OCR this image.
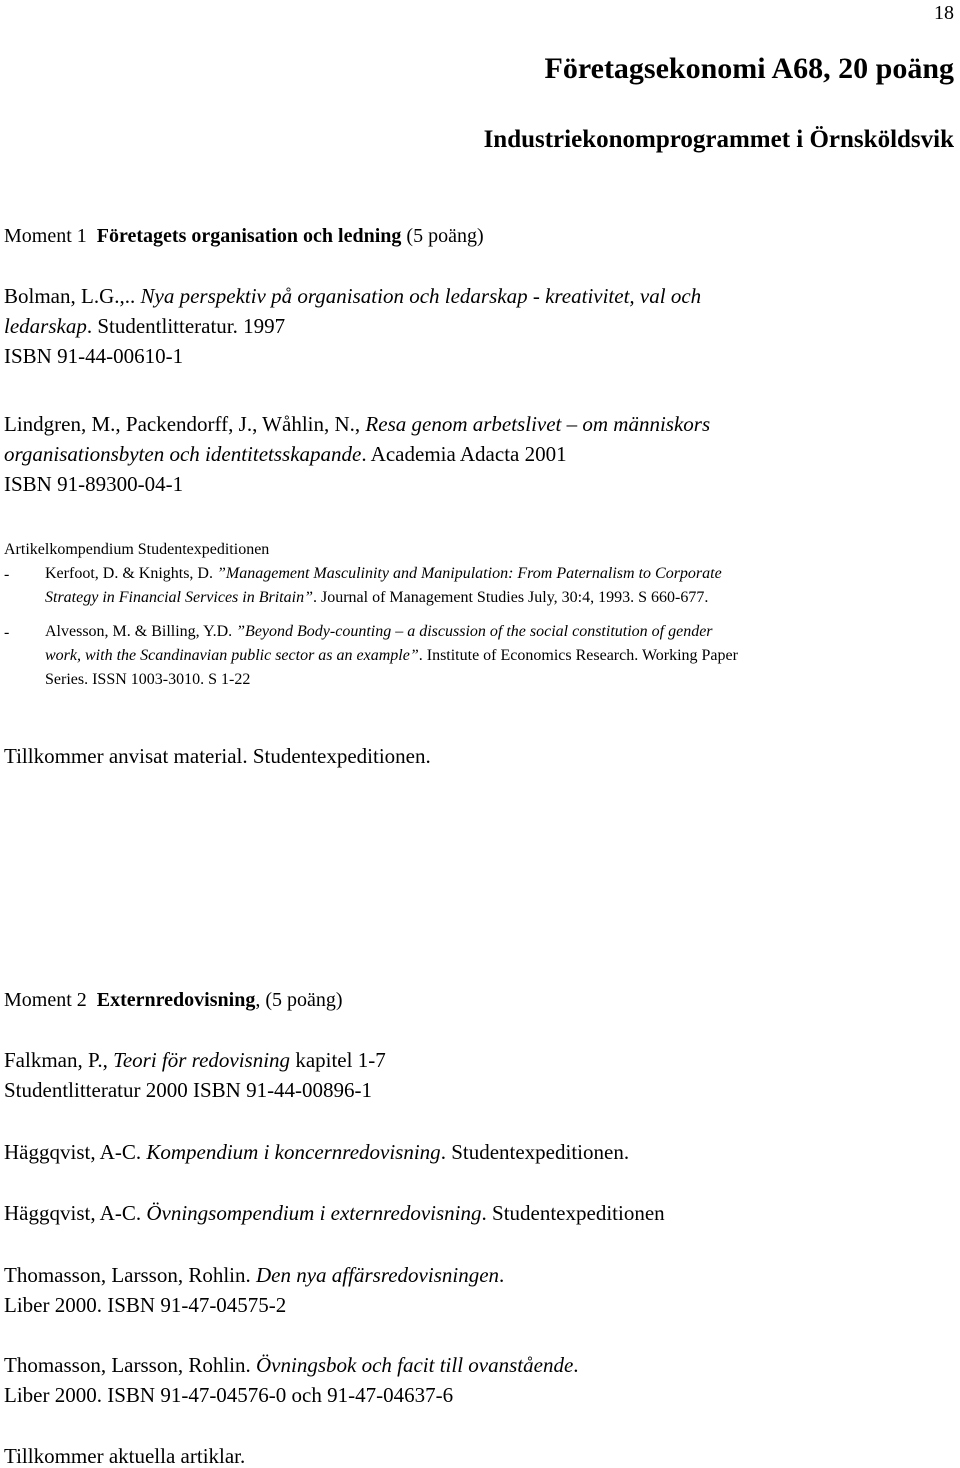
18
Företagsekonomi A68, 20 poäng
Industriekonomprogrammet i Örnsköldsvik
Moment 1 Företagets organisation och ledning (5 poäng)
Bolman, L.G.,.. Nya perspektiv på organisation och ledarskap - kreativitet, val och
ledarskap. Studentlitteratur. 1997
ISBN 91-44-00610-1
Lindgren, M., Packendorff, J., Wåhlin, N., Resa genom arbetslivet – om människors
organisationsbyten och identitetsskapande. Academia Adacta 2001
ISBN 91-89300-04-1
Artikelkompendium Studentexpeditionen
- Kerfoot, D. & Knights, D. ”Management Masculinity and Manipulation: From Paternalism to Corporate
Strategy in Financial Services in Britain”. Journal of Management Studies July, 30:4, 1993. S 660-677.
- Alvesson, M. & Billing, Y.D. ”Beyond Body-counting – a discussion of the social constitution of gender
work, with the Scandinavian public sector as an example”. Institute of Economics Research. Working Paper
Series. ISSN 1003-3010. S 1-22
Tillkommer anvisat material. Studentexpeditionen.
Moment 2 Externredovisning, (5 poäng)
Falkman, P., Teori för redovisning kapitel 1-7
Studentlitteratur 2000 ISBN 91-44-00896-1
Häggqvist, A-C. Kompendium i koncernredovisning. Studentexpeditionen.
Häggqvist, A-C. Övningsompendium i externredovisning. Studentexpeditionen
Thomasson, Larsson, Rohlin. Den nya affärsredovisningen.
Liber 2000. ISBN 91-47-04575-2
Thomasson, Larsson, Rohlin. Övningsbok och facit till ovanstående.
Liber 2000. ISBN 91-47-04576-0 och 91-47-04637-6
Tillkommer aktuella artiklar.
